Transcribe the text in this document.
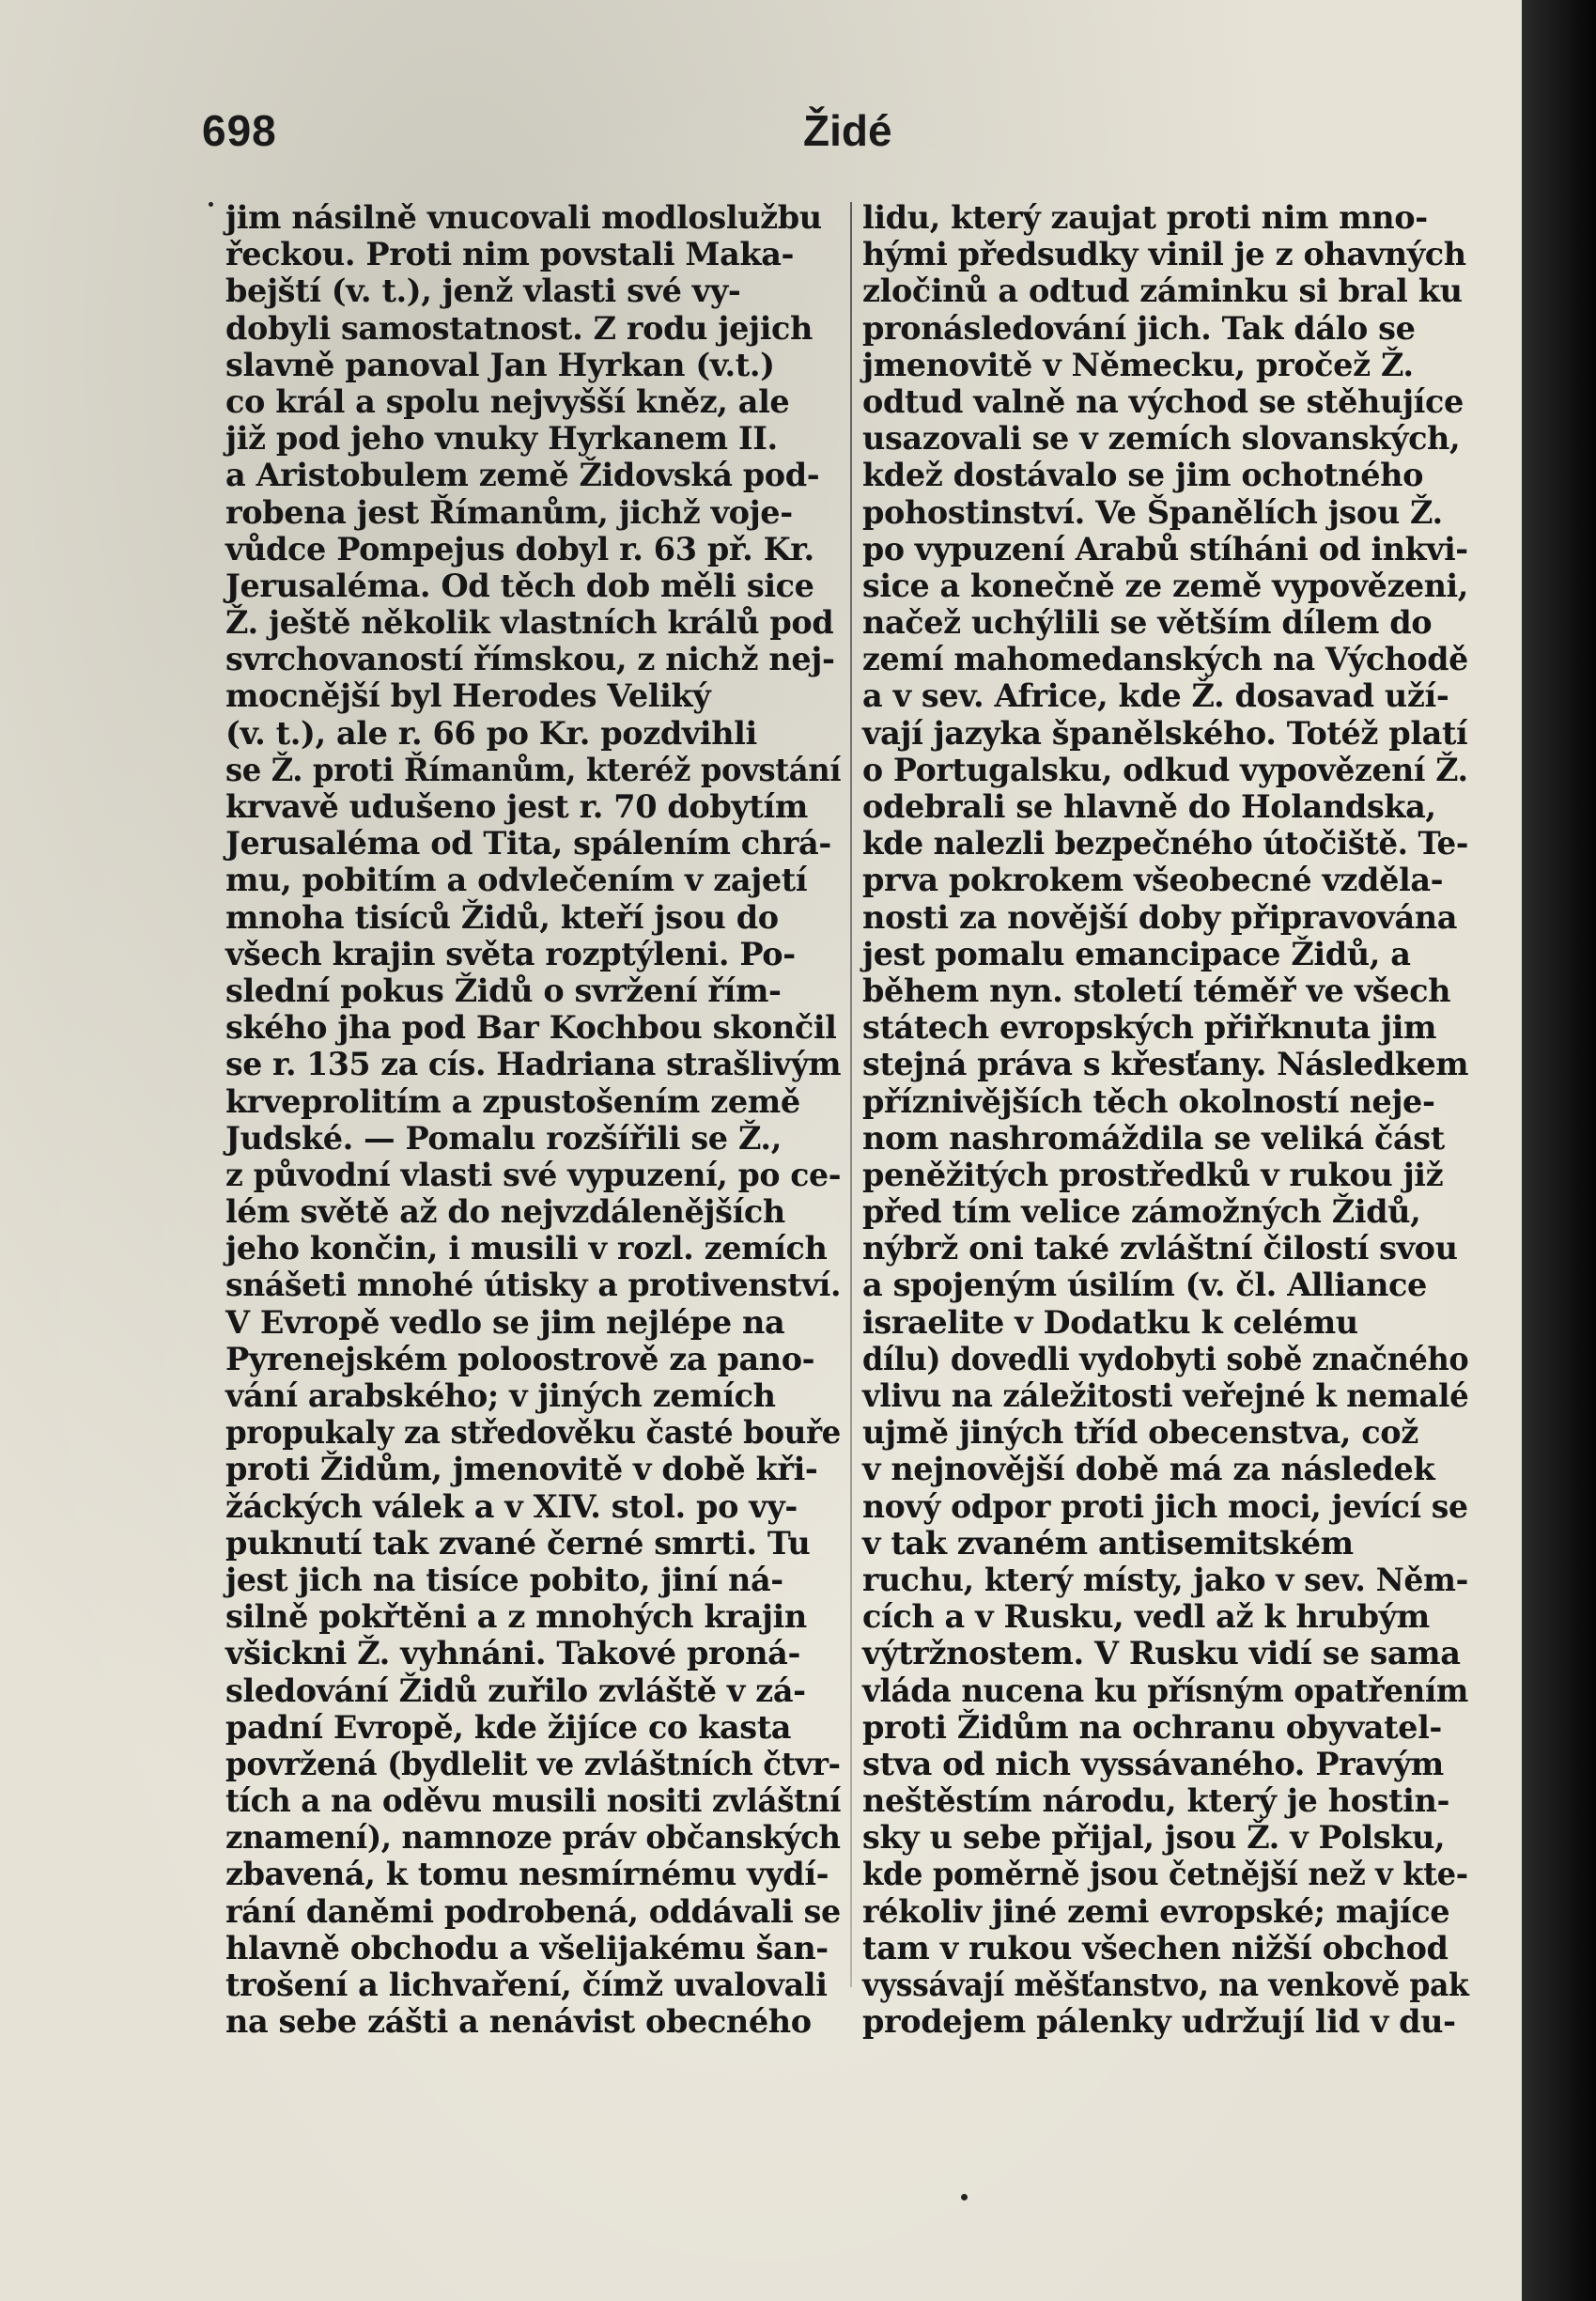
698	Židé
jim násilně vnucovali modloslužbu
řeckou. Proti nim povstali Maka-
bejští (v. t.), jenž vlasti své vy-
dobyli samostatnost. Z rodu jejich
slavně panoval Jan Hyrkan (v.t.)
co král a spolu nejvyšší kněz, ale
již pod jeho vnuky Hyrkanem II.
a Aristobulem země Židovská pod-
robena jest Římanům, jichž voje-
vůdce Pompejus dobyl r. 63 př. Kr.
Jerusaléma. Od těch dob měli sice
Ž. ještě několik vlastních králů pod
svrchovaností římskou, z nichž nej-
mocnější byl Herodes Veliký
(v. t.), ale r. 66 po Kr. pozdvihli
se Ž. proti Římanům, kteréž povstání
krvavě udušeno jest r. 70 dobytím
Jerusaléma od Tita, spálením chrá-
mu, pobitím a odvlečením v zajetí
mnoha tisíců Židů, kteří jsou do
všech krajin světa rozptýleni. Po-
slední pokus Židů o svržení řím-
ského jha pod Bar Kochbou skončil
se r. 135 za cís. Hadriana strašlivým
krveprolitím a zpustošením země
Judské. — Pomalu rozšířili se Ž.,
z původní vlasti své vypuzení, po ce-
lém světě až do nejvzdálenějších
jeho končin, i musili v rozl. zemích
snášeti mnohé útisky a protivenství.
V Evropě vedlo se jim nejlépe na
Pyrenejském poloostrově za pano-
vání arabského; v jiných zemích
propukaly za středověku časté bouře
proti Židům, jmenovitě v době kři-
žáckých válek a v XIV. stol. po vy-
puknutí tak zvané černé smrti. Tu
jest jich na tisíce pobito, jiní ná-
silně pokřtěni a z mnohých krajin
všickni Ž. vyhnáni. Takové proná-
sledování Židů zuřilo zvláště v zá-
padní Evropě, kde žijíce co kasta
povržená (bydlelit ve zvláštních čtvr-
tích a na oděvu musili nositi zvláštní
znamení), namnoze práv občanských
zbavená, k tomu nesmírnému vydí-
rání daněmi podrobená, oddávali se
hlavně obchodu a všelijakému šan-
trošení a lichvaření, čímž uvalovali
na sebe zášti a nenávist obecného
lidu, který zaujat proti nim mno-
hými předsudky vinil je z ohavných
zločinů a odtud záminku si bral ku
pronásledování jich. Tak dálo se
jmenovitě v Německu, pročež Ž.
odtud valně na východ se stěhujíce
usazovali se v zemích slovanských,
kdež dostávalo se jim ochotného
pohostinství. Ve Španělích jsou Ž.
po vypuzení Arabů stíháni od inkvi-
sice a konečně ze země vypovězeni,
načež uchýlili se větším dílem do
zemí mahomedanských na Východě
a v sev. Africe, kde Ž. dosavad uží-
vají jazyka španělského. Totéž platí
o Portugalsku, odkud vypovězení Ž.
odebrali se hlavně do Holandska,
kde nalezli bezpečného útočiště. Te-
prva pokrokem všeobecné vzděla-
nosti za novější doby připravována
jest pomalu emancipace Židů, a
během nyn. století téměř ve všech
státech evropských přiřknuta jim
stejná práva s křesťany. Následkem
příznivějších těch okolností neje-
nom nashromáždila se veliká část
peněžitých prostředků v rukou již
před tím velice zámožných Židů,
nýbrž oni také zvláštní čilostí svou
a spojeným úsilím (v. čl. Alliance
israelite v Dodatku k celému
dílu) dovedli vydobyti sobě značného
vlivu na záležitosti veřejné k nemalé
ujmě jiných tříd obecenstva, což
v nejnovější době má za následek
nový odpor proti jich moci, jevící se
v tak zvaném antisemitském
ruchu, který místy, jako v sev. Něm-
cích a v Rusku, vedl až k hrubým
výtržnostem. V Rusku vidí se sama
vláda nucena ku přísným opatřením
proti Židům na ochranu obyvatel-
stva od nich vyssávaného. Pravým
neštěstím národu, který je hostin-
sky u sebe přijal, jsou Ž. v Polsku,
kde poměrně jsou četnější než v kte-
rékoliv jiné zemi evropské; majíce
tam v rukou všechen nižší obchod
vyssávají měšťanstvo, na venkově pak
prodejem pálenky udržují lid v du-
